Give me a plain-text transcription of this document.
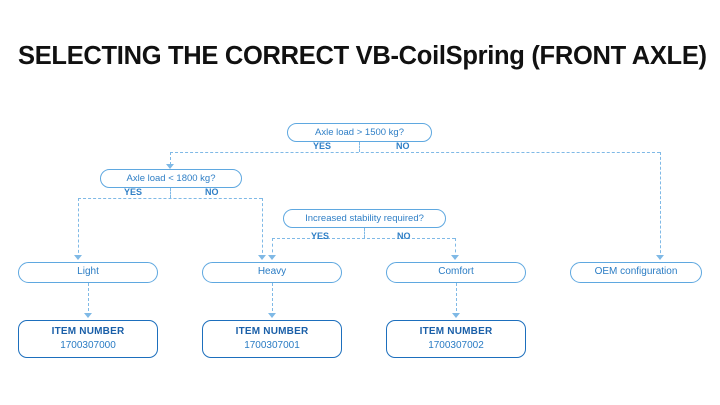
SELECTING THE CORRECT VB-CoilSpring (FRONT AXLE)
Axle load > 1500 kg?
YES	NO
Axle load < 1800 kg?
YES	NO
Increased stability required?
YES	NO
Light	Heavy	Comfort	OEM configuration
ITEM NUMBER
1700307000
ITEM NUMBER
1700307001
ITEM NUMBER
1700307002
